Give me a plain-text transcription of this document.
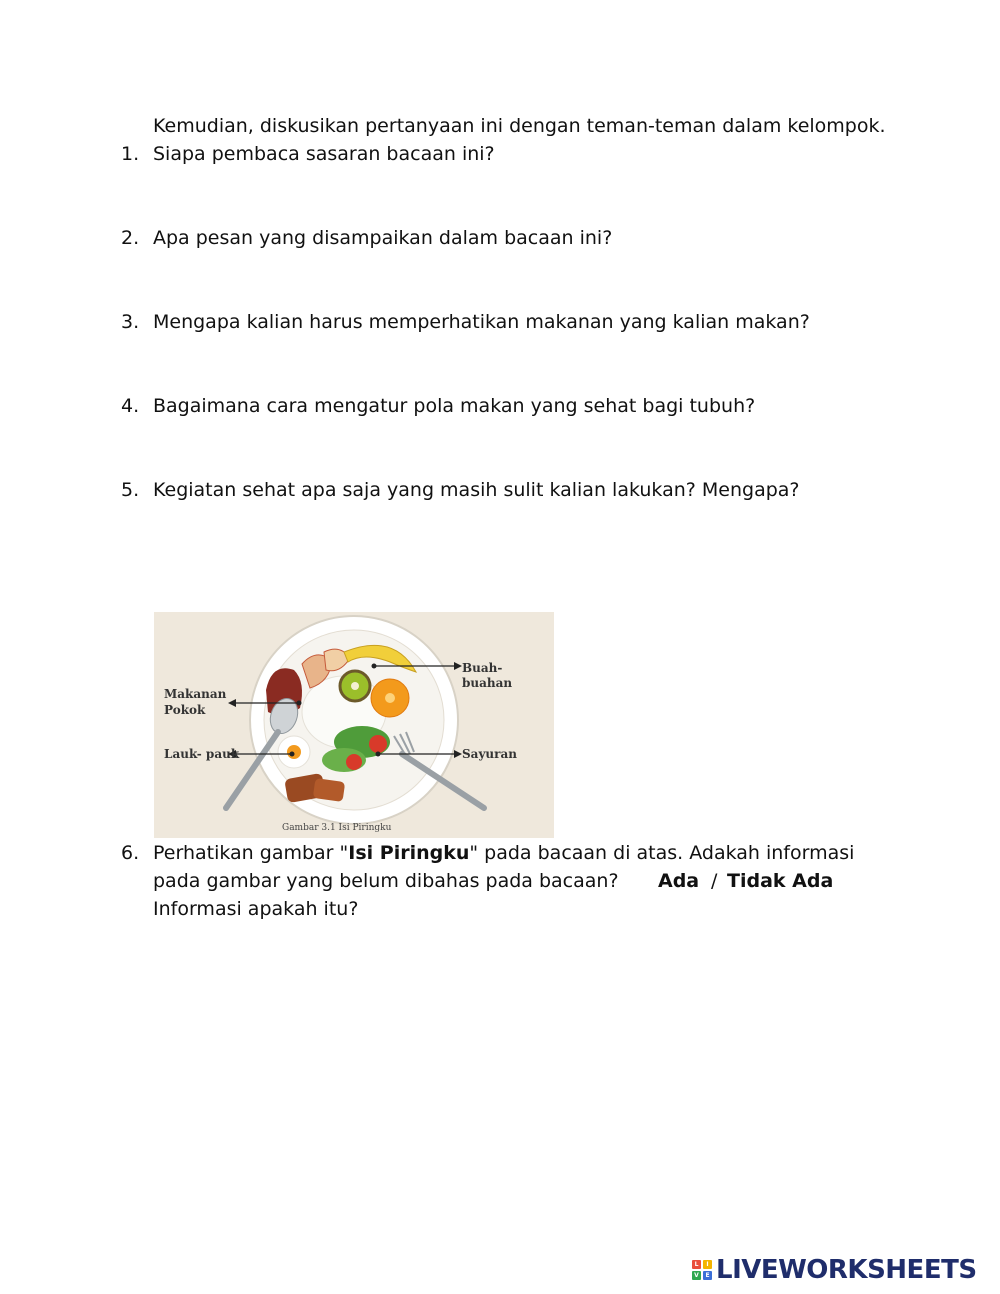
Kemudian, diskusikan pertanyaan ini dengan teman-teman dalam kelompok.
1. Siapa pembaca sasaran bacaan ini?
2. Apa pesan yang disampaikan dalam bacaan ini?
3. Mengapa kalian harus memperhatikan makanan yang kalian makan?
4. Bagaimana cara mengatur pola makan yang sehat bagi tubuh?
5. Kegiatan sehat apa saja yang masih sulit kalian lakukan? Mengapa?
Buah- buahan
Makanan
Pokok
Lauk- pauk	Sayuran
Gambar 3.1 Isi Piringku
6. Perhatikan gambar "Isi Piringku" pada bacaan di atas. Adakah informasi
pada gambar yang belum dibahas pada bacaan? Ada / Tidak Ada
Informasi apakah itu?
L	I
V	E LIVEWORKSHEETS
